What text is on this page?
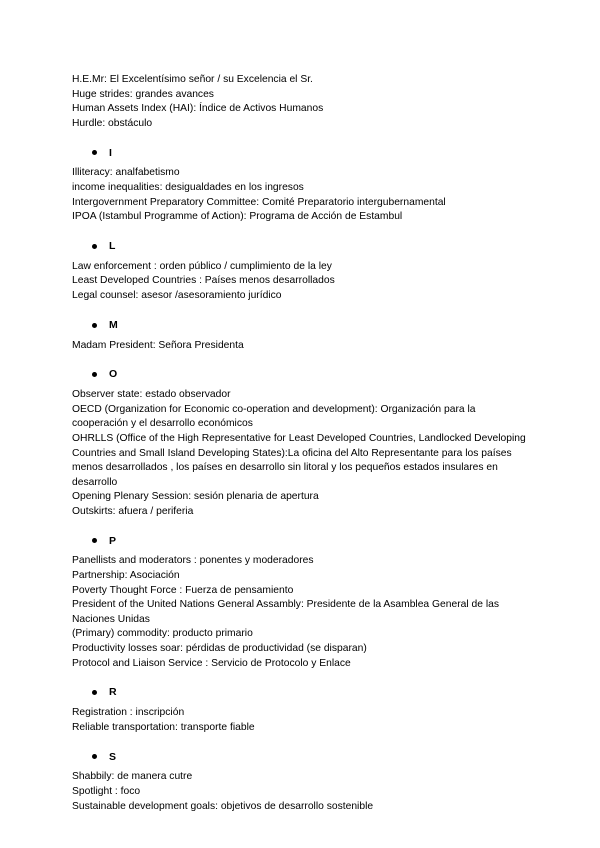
H.E.Mr: El Excelentísimo señor / su Excelencia el Sr.

Huge strides: grandes avances

Human Assets Index (HAI): Índice de Activos Humanos

Hurdle: obstáculo

I

Illiteracy: analfabetismo

income inequalities: desigualdades en los ingresos

Intergovernment Preparatory Committee: Comité Preparatorio intergubernamental

IPOA (Istambul Programme of Action): Programa de Acción de Estambul

L

Law enforcement : orden público / cumplimiento de la ley

Least Developed Countries : Países menos desarrollados

Legal counsel: asesor /asesoramiento jurídico

M

Madam President: Señora Presidenta

O

Observer state: estado observador

OECD (Organization for Economic co-operation and development): Organización para la cooperación y el desarrollo económicos

OHRLLS (Office of the High Representative for Least Developed Countries, Landlocked Developing Countries and Small Island Developing States):La oficina del Alto Representante para los países menos desarrollados , los países en desarrollo sin litoral y los pequeños estados insulares en desarrollo

Opening Plenary Session: sesión plenaria de apertura

Outskirts: afuera / periferia

P

Panellists and moderators : ponentes y moderadores

Partnership: Asociación

Poverty Thought Force : Fuerza de pensamiento

President of the United Nations General Assambly: Presidente de la Asamblea General de las Naciones Unidas

(Primary) commodity: producto primario

Productivity losses soar: pérdidas de productividad (se disparan)

Protocol and Liaison Service : Servicio de Protocolo y Enlace

R

Registration : inscripción

Reliable transportation: transporte fiable

S

Shabbily: de manera cutre

Spotlight : foco

Sustainable development goals: objetivos de desarrollo sostenible
